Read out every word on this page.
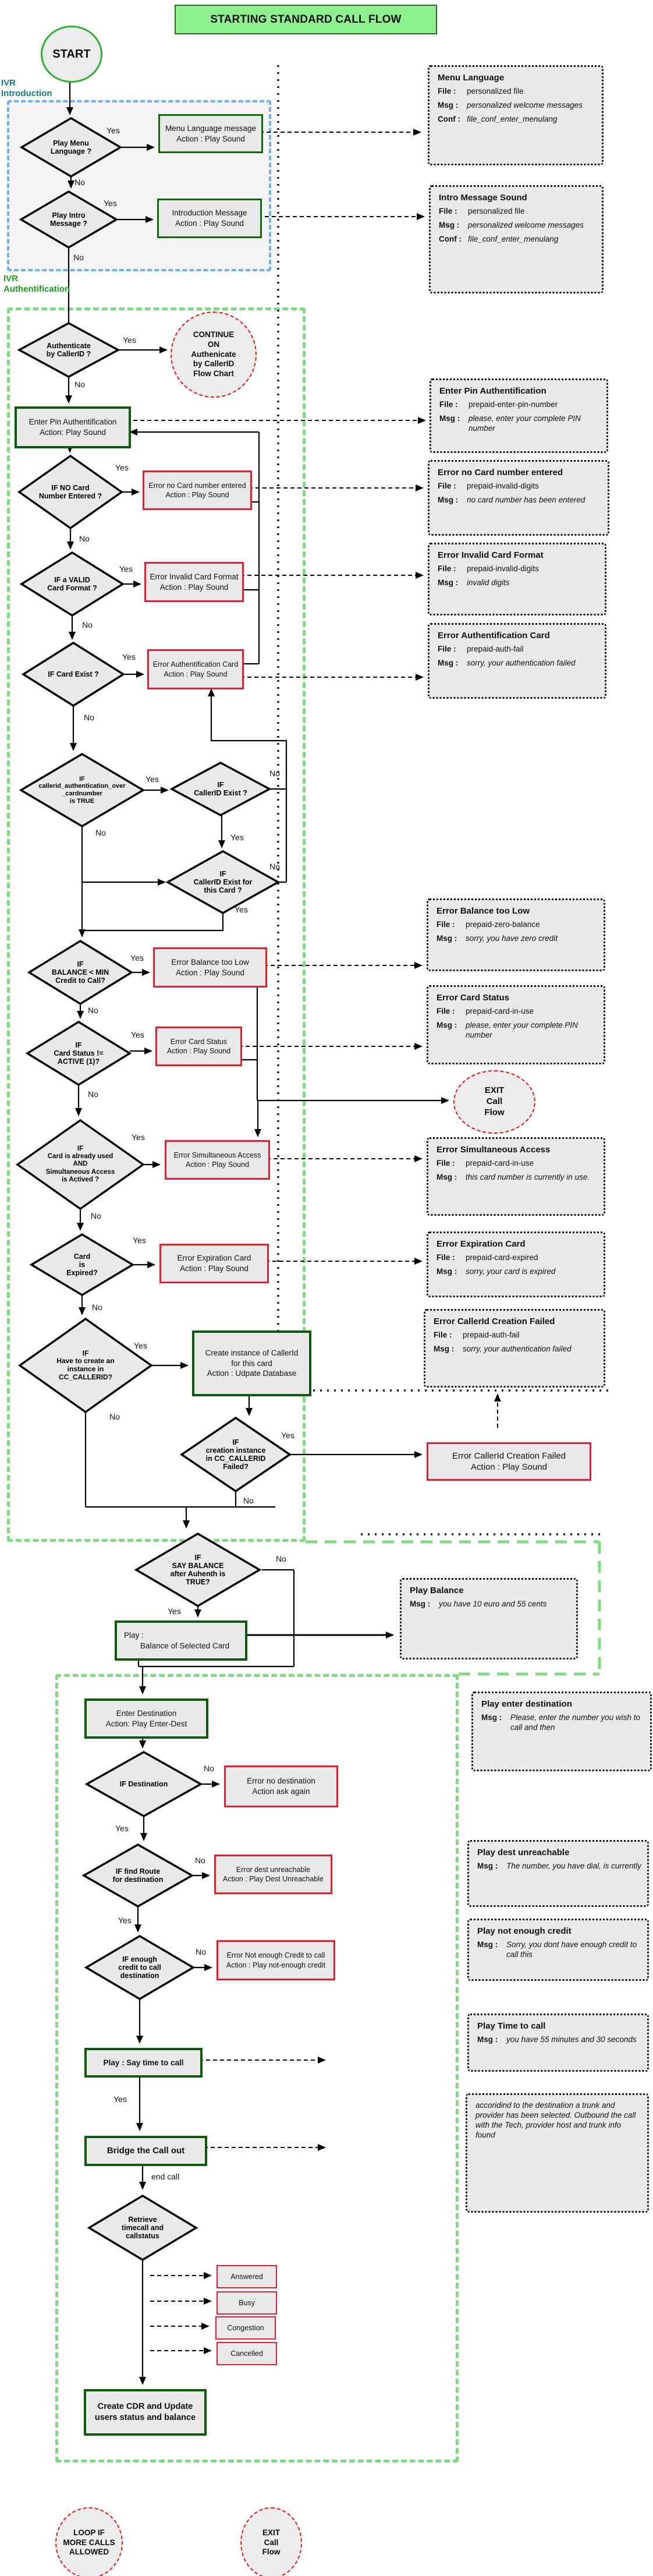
STARTING STANDARD CALL FLOW
IVR
Introduction
IVR
Authentification
Play Menu
Language ?
Play Intro
Message ?
Authenticate
by CallerID ?
IF NO Card
Number Entered ?
IF a VALID
Card Format ?
IF Card Exist ?
IF
callerid_authentication_over
_cardnumber
is TRUE
IF
CallerID Exist ?
IF
CallerID Exist for
this Card ?
IF
BALANCE < MIN
Credit to Call?
IF
Card Status !=
ACTIVE (1)?
IF
Card is already used
AND
Simultaneous Access
is Actived ?
Card
is
Expired?
IF
Have to create an
instance in
CC_CALLERID?
IF
creation instance
in CC_CALLERID
Failed?
IF
SAY BALANCE
after Auhenth is
TRUE?
IF Destination
IF find Route
for destination
IF enough
credit to call
destination
Retrieve
timecall and
callstatus
Menu Language message
Action : Play Sound
Introduction Message
Action : Play Sound
Enter Pin Authentification
Action: Play Sound
Error no Card number entered
Action : Play Sound
Error Invalid Card Format
Action : Play Sound
Error Authentification Card
Action : Play Sound
Error Balance too Low
Action : Play Sound
Error Card Status
Action : Play Sound
Error Simultaneous Access
Action : Play Sound
Error Expiration Card
Action : Play Sound
Create instance of CallerId
for this card
Action : Udpate Database
Error CallerId Creation Failed
Action : Play Sound
Play :
Balance of Selected Card
Enter Destination
Action: Play Enter-Dest
Error no destination
Action ask again
Error dest unreachable
Action : Play Dest Unreachable
Error Not enough Credit to call
Action : Play not-enough credit
Play : Say time to call
Bridge the Call out
Answered
Busy
Congestion
Cancelled
Create CDR and Update
users status and balance
Menu Language
File :	personalized file
Msg :	personalized welcome messages
Conf : file_conf_enter_menulang
Intro Message Sound
File :	personalized file
Msg :	personalized welcome messages
Conf : file_conf_enter_menulang
Enter Pin Authentification
File :	prepaid-enter-pin-number
Msg :	please, enter your complete PIN number
Error no Card number entered
File :	prepaid-invalid-digits
Msg :	no card number has been entered
Error Invalid Card Format
File :	prepaid-invalid-digits
Msg :	invalid digits
Error Authentification Card
File :	prepaid-auth-fail
Msg :	sorry, your authentication failed
Error Balance too Low
File :	prepaid-zero-balance
Msg :	sorry, you have zero credit
Error Card Status
File :	prepaid-card-in-use
Msg :	please, enter your complete PIN number
Error Simultaneous Access
File :	prepaid-card-in-use
Msg :	this card number is currently in use.
Error Expiration Card
File :	prepaid-card-expired
Msg :	sorry, your card is expired
Error CallerId Creation Failed
File :	prepaid-auth-fail
Msg :	sorry, your authentication failed
Play Balance
Msg :	you have 10 euro and 55 cents
Play enter destination
Msg :	Please, enter the number you wish to call and then
Play dest unreachable
Msg :	The number, you have dial, is currently
Play not enough credit
Msg :	Sorry, you dont have enough credit to call this
Play Time to call
Msg :	you have 55 minutes and 30 seconds
accoridind to the destination a trunk and provider has been selected. Outbound the call with the Tech, provider host and trunk info found
START
CONTINUE
ON
Authenicate
by CallerID
Flow Chart
EXIT
Call
Flow
LOOP IF
MORE CALLS
ALLOWED
EXIT
Call
Flow
Yes
No
Yes
No
Yes
No
Yes
No
Yes
No
Yes
No
Yes
No
No
Yes
No
Yes
Yes
No
Yes
No
Yes
No
Yes
No
Yes
No
Yes
No
No
Yes
No
Yes
No
Yes
No
Yes
end call
